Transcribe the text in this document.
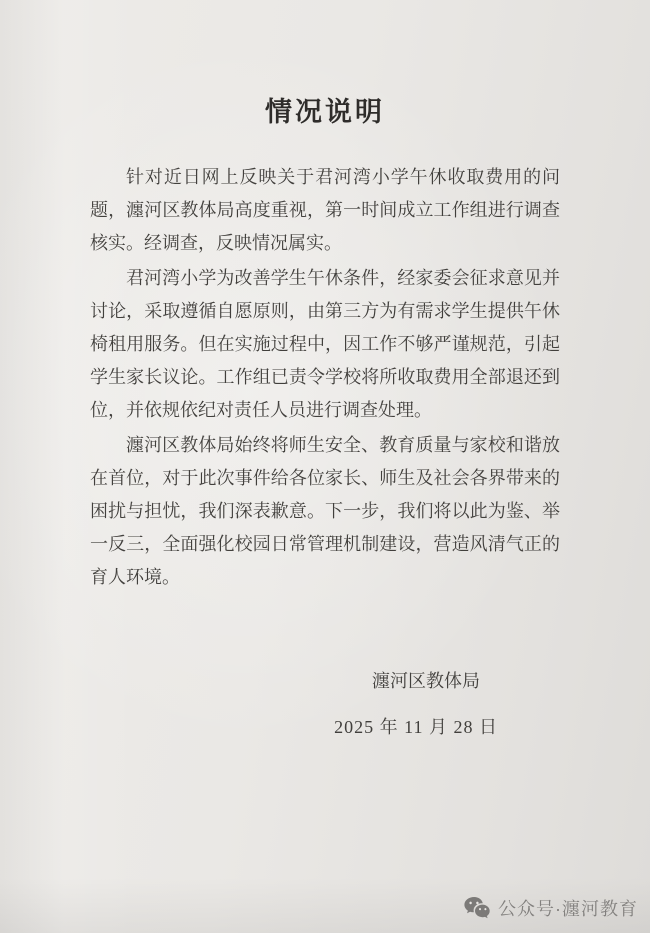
情况说明

针对近日网上反映关于君河湾小学午休收取费用的问题，瀍河区教体局高度重视，第一时间成立工作组进行调查核实。经调查，反映情况属实。

君河湾小学为改善学生午休条件，经家委会征求意见并讨论，采取遵循自愿原则，由第三方为有需求学生提供午休椅租用服务。但在实施过程中，因工作不够严谨规范，引起学生家长议论。工作组已责令学校将所收取费用全部退还到位，并依规依纪对责任人员进行调查处理。

瀍河区教体局始终将师生安全、教育质量与家校和谐放在首位，对于此次事件给各位家长、师生及社会各界带来的困扰与担忧，我们深表歉意。下一步，我们将以此为鉴、举一反三，全面强化校园日常管理机制建设，营造风清气正的育人环境。

瀍河区教体局
2025 年 11 月 28 日
公众号·瀍河教育
